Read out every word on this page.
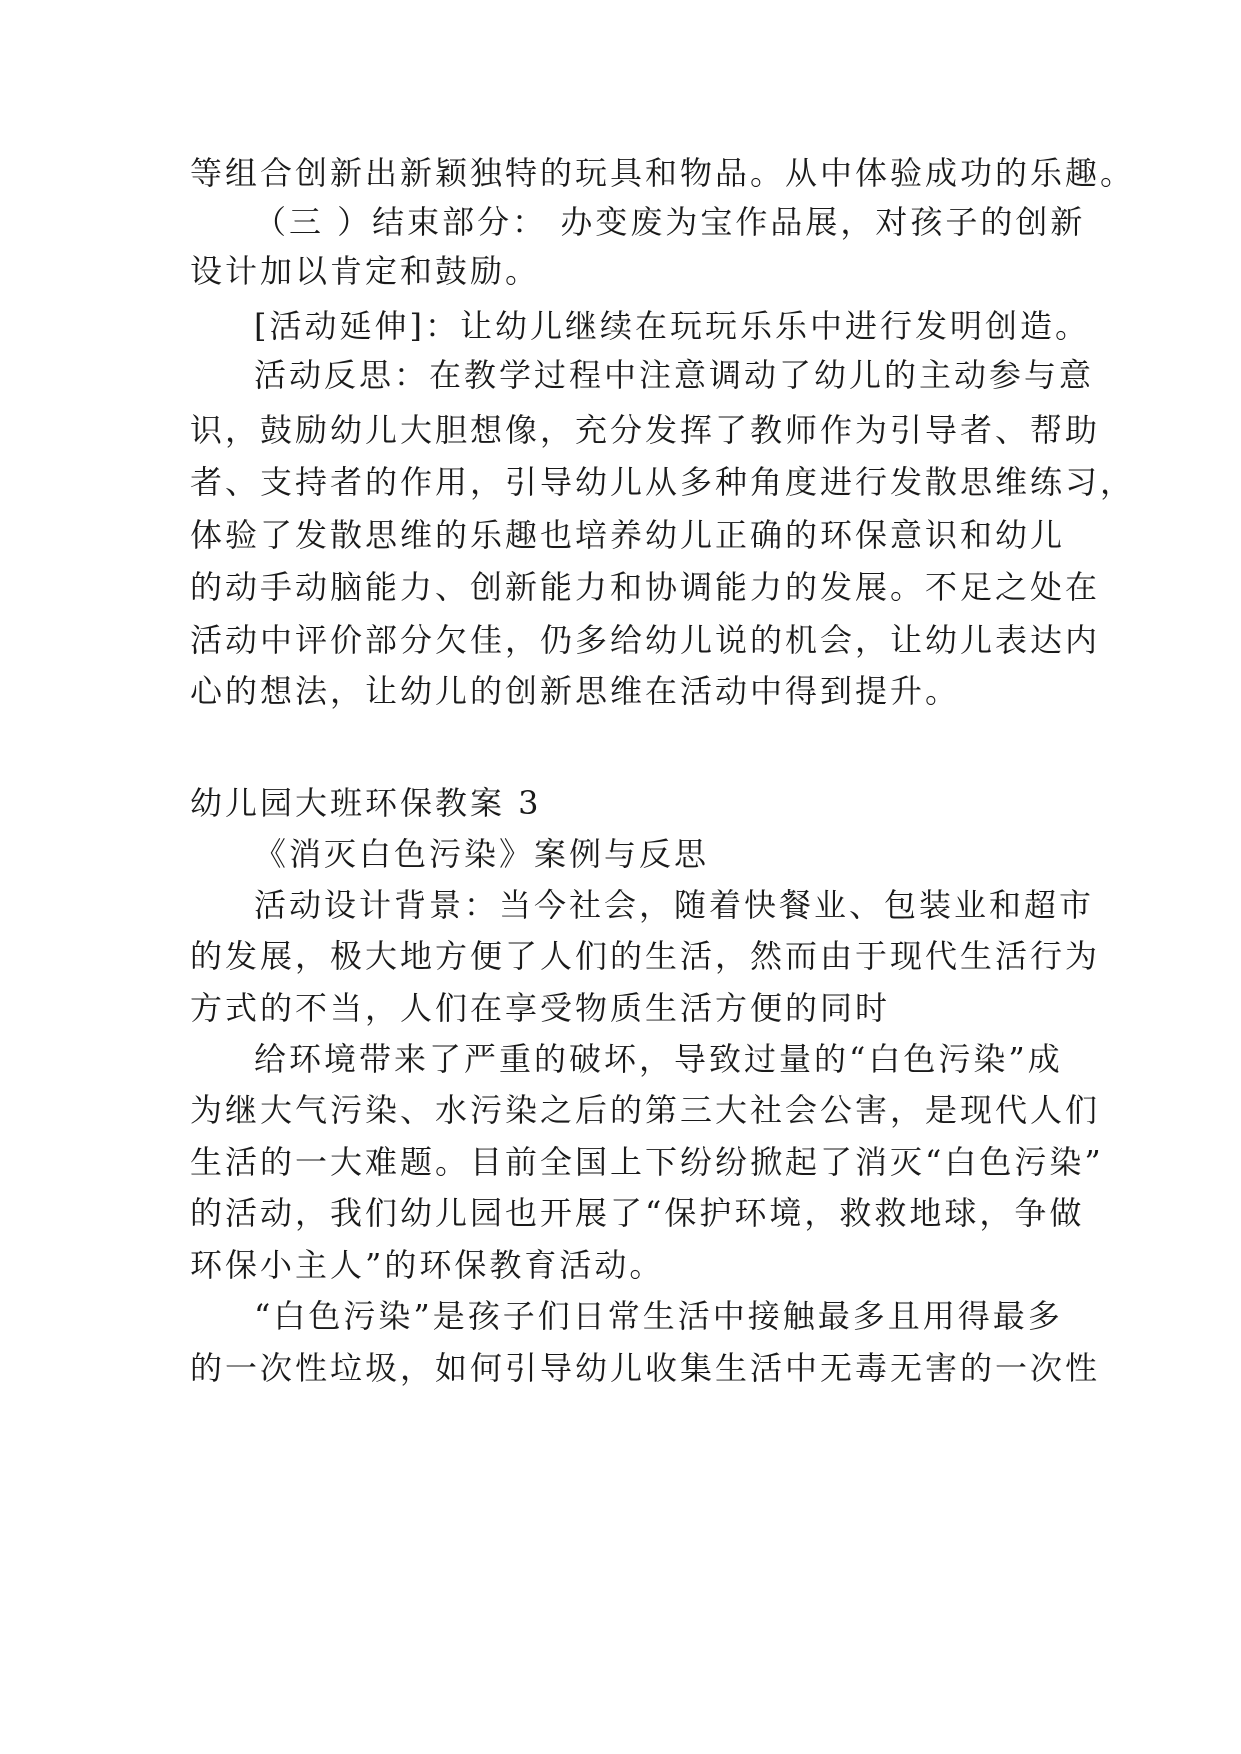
等组合创新出新颖独特的玩具和物品。从中体验成功的乐趣。
（三 ）结束部分： 办变废为宝作品展，对孩子的创新
设计加以肯定和鼓励。
[活动延伸]：让幼儿继续在玩玩乐乐中进行发明创造。
活动反思：在教学过程中注意调动了幼儿的主动参与意
识，鼓励幼儿大胆想像，充分发挥了教师作为引导者、帮助
者、支持者的作用，引导幼儿从多种角度进行发散思维练习，
体验了发散思维的乐趣也培养幼儿正确的环保意识和幼儿
的动手动脑能力、创新能力和协调能力的发展。不足之处在
活动中评价部分欠佳，仍多给幼儿说的机会，让幼儿表达内
心的想法，让幼儿的创新思维在活动中得到提升。
幼儿园大班环保教案 3
《消灭白色污染》案例与反思
活动设计背景：当今社会，随着快餐业、包装业和超市
的发展，极大地方便了人们的生活，然而由于现代生活行为
方式的不当，人们在享受物质生活方便的同时
给环境带来了严重的破坏，导致过量的“白色污染”成
为继大气污染、水污染之后的第三大社会公害，是现代人们
生活的一大难题。目前全国上下纷纷掀起了消灭“白色污染”
的活动，我们幼儿园也开展了“保护环境，救救地球，争做
环保小主人”的环保教育活动。
“白色污染”是孩子们日常生活中接触最多且用得最多
的一次性垃圾，如何引导幼儿收集生活中无毒无害的一次性
